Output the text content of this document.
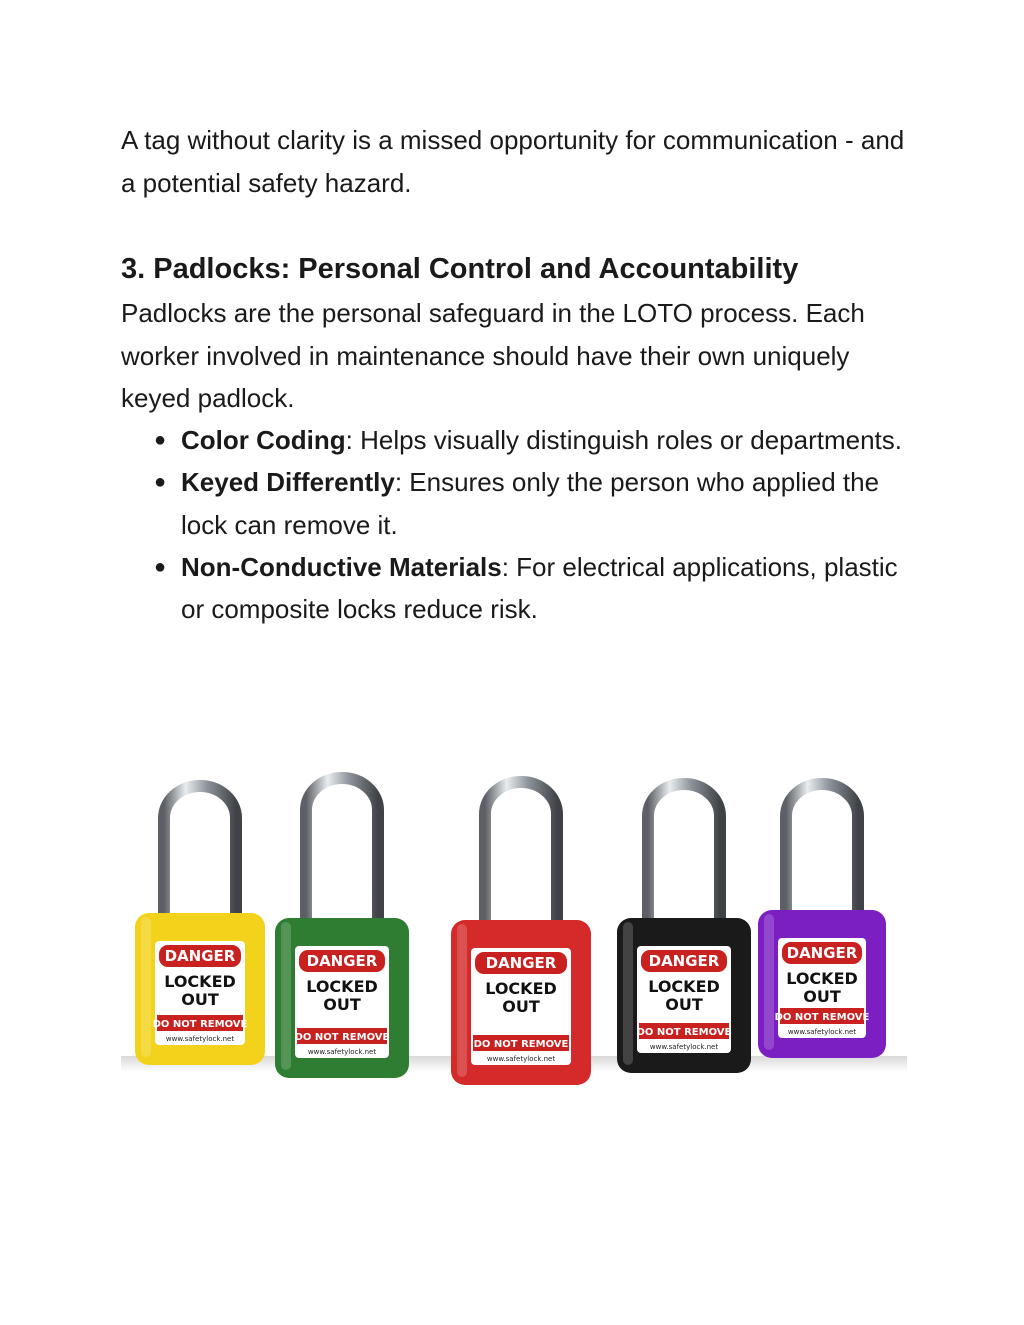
A tag without clarity is a missed opportunity for communication - and a potential safety hazard.

3. Padlocks: Personal Control and Accountability

Padlocks are the personal safeguard in the LOTO process. Each worker involved in maintenance should have their own uniquely keyed padlock.

● Color Coding: Helps visually distinguish roles or departments.
● Keyed Differently: Ensures only the person who applied the lock can remove it.
● Non-Conductive Materials: For electrical applications, plastic or composite locks reduce risk.
DANGER
LOCKED
OUT
DO NOT REMOVE
www.safetylock.net
DANGER
LOCKED
OUT
DO NOT REMOVE
www.safetylock.net
DANGER
LOCKED
OUT
DO NOT REMOVE
www.safetylock.net
DANGER
LOCKED
OUT
DO NOT REMOVE
www.safetylock.net
DANGER
LOCKED
OUT
DO NOT REMOVE
www.safetylock.net
